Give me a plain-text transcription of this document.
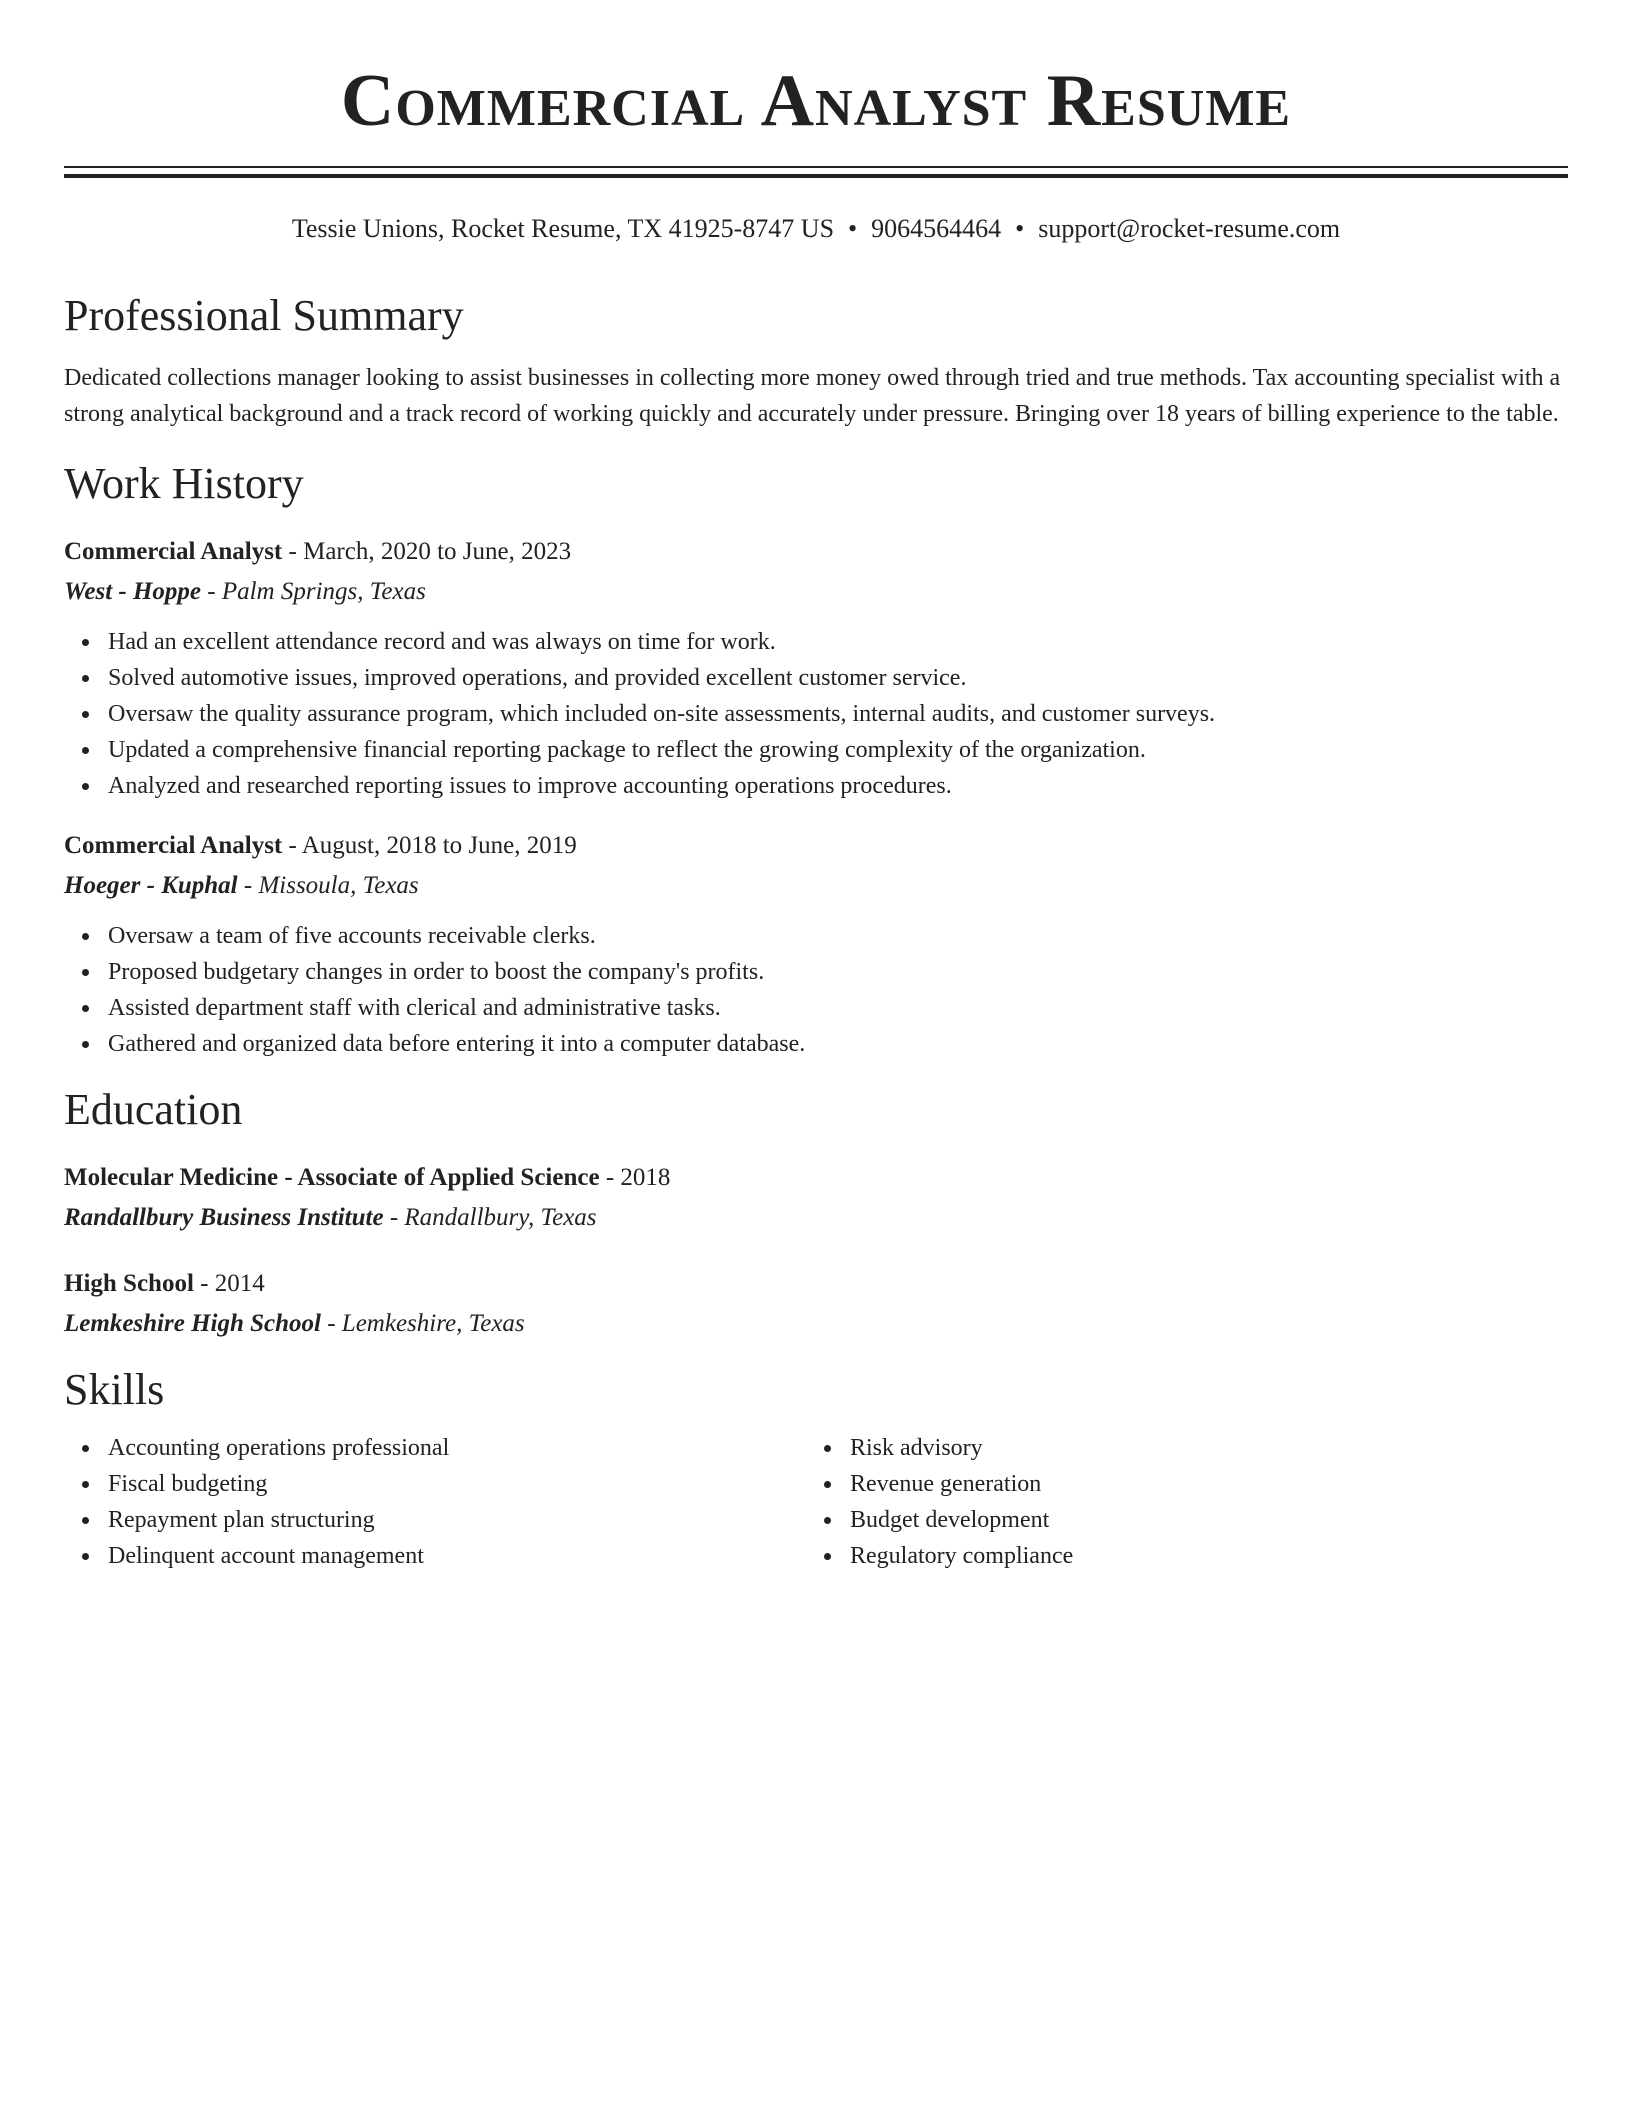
Commercial Analyst Resume
Tessie Unions, Rocket Resume, TX 41925-8747 US • 9064564464 • support@rocket-resume.com
Professional Summary

Dedicated collections manager looking to assist businesses in collecting more money owed through tried and true methods. Tax accounting specialist with a strong analytical background and a track record of working quickly and accurately under pressure. Bringing over 18 years of billing experience to the table.

Work History
Commercial Analyst - March, 2020 to June, 2023
West - Hoppe - Palm Springs, Texas
Had an excellent attendance record and was always on time for work.
Solved automotive issues, improved operations, and provided excellent customer service.
Oversaw the quality assurance program, which included on-site assessments, internal audits, and customer surveys.
Updated a comprehensive financial reporting package to reflect the growing complexity of the organization.
Analyzed and researched reporting issues to improve accounting operations procedures.
Commercial Analyst - August, 2018 to June, 2019
Hoeger - Kuphal - Missoula, Texas
Oversaw a team of five accounts receivable clerks.
Proposed budgetary changes in order to boost the company's profits.
Assisted department staff with clerical and administrative tasks.
Gathered and organized data before entering it into a computer database.
Education
Molecular Medicine - Associate of Applied Science - 2018
Randallbury Business Institute - Randallbury, Texas
High School - 2014
Lemkeshire High School - Lemkeshire, Texas
Skills
Accounting operations professional
Fiscal budgeting
Repayment plan structuring
Delinquent account management
Risk advisory
Revenue generation
Budget development
Regulatory compliance
